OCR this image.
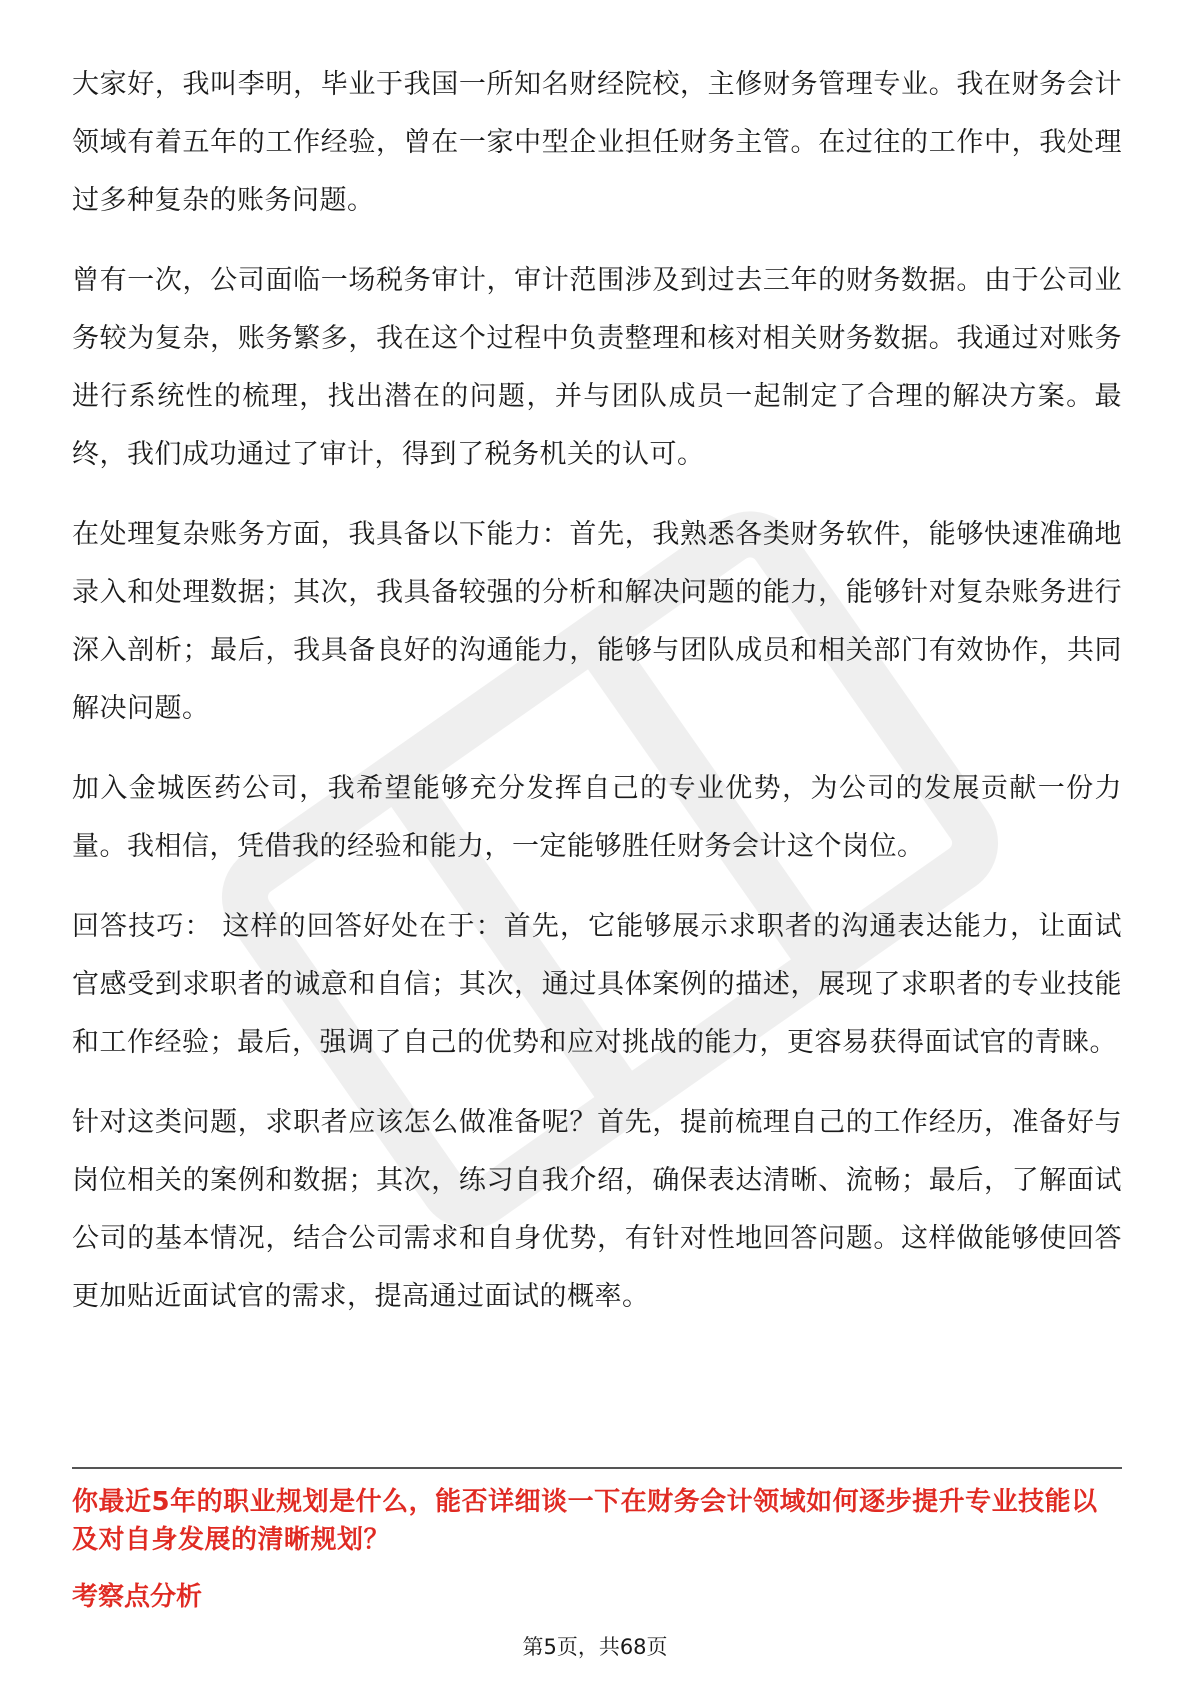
大家好，我叫李明，毕业于我国一所知名财经院校，主修财务管理专业。我在财务会计领域有着五年的工作经验，曾在一家中型企业担任财务主管。在过往的工作中，我处理过多种复杂的账务问题。

曾有一次，公司面临一场税务审计，审计范围涉及到过去三年的财务数据。由于公司业务较为复杂，账务繁多，我在这个过程中负责整理和核对相关财务数据。我通过对账务进行系统性的梳理，找出潜在的问题，并与团队成员一起制定了合理的解决方案。最终，我们成功通过了审计，得到了税务机关的认可。

在处理复杂账务方面，我具备以下能力：首先，我熟悉各类财务软件，能够快速准确地录入和处理数据；其次，我具备较强的分析和解决问题的能力，能够针对复杂账务进行深入剖析；最后，我具备良好的沟通能力，能够与团队成员和相关部门有效协作，共同解决问题。

加入金城医药公司，我希望能够充分发挥自己的专业优势，为公司的发展贡献一份力量。我相信，凭借我的经验和能力，一定能够胜任财务会计这个岗位。

回答技巧： 这样的回答好处在于：首先，它能够展示求职者的沟通表达能力，让面试官感受到求职者的诚意和自信；其次，通过具体案例的描述，展现了求职者的专业技能和工作经验；最后，强调了自己的优势和应对挑战的能力，更容易获得面试官的青睐。

针对这类问题，求职者应该怎么做准备呢？首先，提前梳理自己的工作经历，准备好与岗位相关的案例和数据；其次，练习自我介绍，确保表达清晰、流畅；最后，了解面试公司的基本情况，结合公司需求和自身优势，有针对性地回答问题。这样做能够使回答更加贴近面试官的需求，提高通过面试的概率。

你最近5年的职业规划是什么，能否详细谈一下在财务会计领域如何逐步提升专业技能以及对自身发展的清晰规划？
考察点分析
第5页，共68页
